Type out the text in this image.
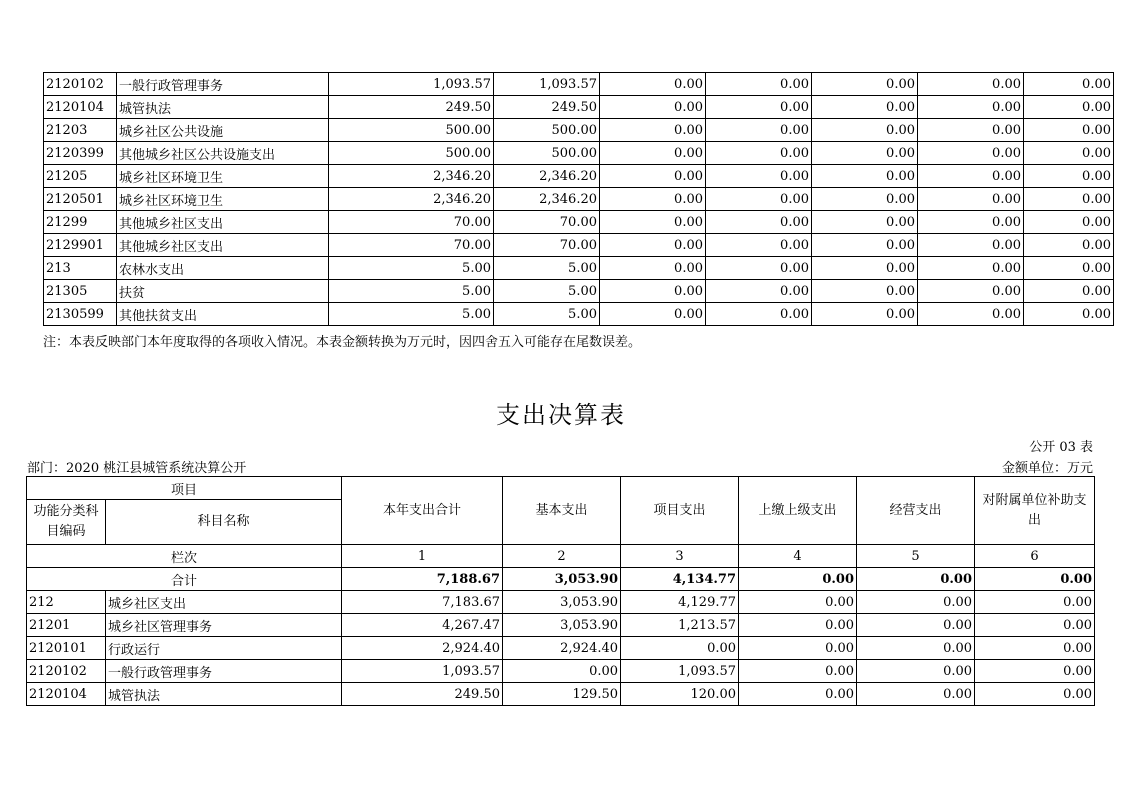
2120102	一般行政管理事务	1,093.57	1,093.57	0.00	0.00	0.00	0.00	0.00
2120104	城管执法	249.50	249.50	0.00	0.00	0.00	0.00	0.00
21203	城乡社区公共设施	500.00	500.00	0.00	0.00	0.00	0.00	0.00
2120399	其他城乡社区公共设施支出	500.00	500.00	0.00	0.00	0.00	0.00	0.00
21205	城乡社区环境卫生	2,346.20	2,346.20	0.00	0.00	0.00	0.00	0.00
2120501	城乡社区环境卫生	2,346.20	2,346.20	0.00	0.00	0.00	0.00	0.00
21299	其他城乡社区支出	70.00	70.00	0.00	0.00	0.00	0.00	0.00
2129901	其他城乡社区支出	70.00	70.00	0.00	0.00	0.00	0.00	0.00
213	农林水支出	5.00	5.00	0.00	0.00	0.00	0.00	0.00
21305	扶贫	5.00	5.00	0.00	0.00	0.00	0.00	0.00
2130599	其他扶贫支出	5.00	5.00	0.00	0.00	0.00	0.00	0.00
注：本表反映部门本年度取得的各项收入情况。本表金额转换为万元时，因四舍五入可能存在尾数误差。
支出决算表
公开 03 表
部门：2020 桃江县城管系统决算公开	金额单位：万元
项目		本年支出合计	基本支出	项目支出	上缴上级支出	经营支出	对附属单位补助支出
功能分类科目编码	科目名称						
栏次		1	2	3	4	5	6
合计		7,188.67	3,053.90	4,134.77	0.00	0.00	0.00
212	城乡社区支出	7,183.67	3,053.90	4,129.77	0.00	0.00	0.00
21201	城乡社区管理事务	4,267.47	3,053.90	1,213.57	0.00	0.00	0.00
2120101	行政运行	2,924.40	2,924.40	0.00	0.00	0.00	0.00
2120102	一般行政管理事务	1,093.57	0.00	1,093.57	0.00	0.00	0.00
2120104	城管执法	249.50	129.50	120.00	0.00	0.00	0.00
